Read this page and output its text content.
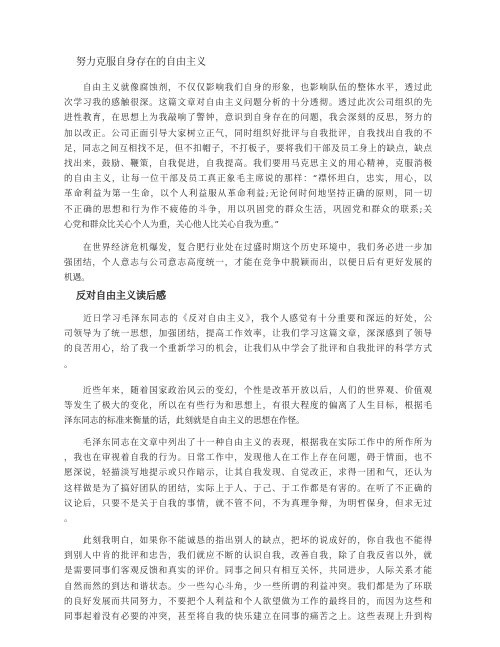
努力克服自身存在的自由主义
　　自由主义就像腐蚀剂，不仅仅影响我们自身的形象，也影响队伍的整体水平，透过此
次学习我的感触很深。这篇文章对自由主义问题分析的十分透彻。透过此次公司组织的先
进性教育，在思想上为我敲响了警钟，意识到自身存在的问题，我会深刻的反思，努力的
加以改正。公司正面引导大家树立正气，同时组织好批评与自我批评，自我找出自我的不
足，同志之间互相找不足，但不扣帽子，不打板子，要将我们干部及员工身上的缺点，缺点
找出来，鼓励、鞭策，自我促进，自我提高。我们要用马克思主义的用心精神，克服消极
的自由主义，让每一位干部及员工真正象毛主席说的那样：“襟怀坦白，忠实，用心，以
革命利益为第一生命，以个人利益服从革命利益;无论何时何地坚持正确的原则，同一切
不正确的思想和行为作不疲倦的斗争，用以巩固党的群众生活，巩固党和群众的联系;关
心党和群众比关心个人为重，关心他人比关心自我为重。”
　　在世界经济危机爆发，复合肥行业处在过盛时期这个历史环境中，我们务必进一步加
强团结，个人意志与公司意志高度统一，才能在竞争中脱颖而出，以便日后有更好发展的
机遇。
反对自由主义读后感
　　近日学习毛泽东同志的《反对自由主义》，我个人感觉有十分重要和深远的好处，公
司领导为了统一思想，加强团结，提高工作效率，让我们学习这篇文章，深深感到了领导
的良苦用心，给了我一个重新学习的机会，让我们从中学会了批评和自我批评的科学方式
。
　　近些年来，随着国家政治风云的变幻，个性是改革开放以后，人们的世界观、价值观
等发生了极大的变化，所以在有些行为和思想上，有很大程度的偏离了人生目标，根据毛
泽东同志的标准来衡量的话，此刻就是自由主义的思想在作怪。
　　毛泽东同志在文章中列出了十一种自由主义的表现，根据我在实际工作中的所作所为
，我也在审视着自我的行为。日常工作中，发现他人在工作上存在问题，碍于情面，也不
愿深说，轻描淡写地提示或只作暗示，让其自我发现、自觉改正，求得一团和气，还认为
这样做是为了搞好团队的团结，实际上于人、于己、于工作都是有害的。在听了不正确的
议论后，只要不是关于自我的事情，就不管不问，不为真理争辩，为明哲保身，但求无过
。
　　此刻我明白，如果你不能诚恳的指出别人的缺点，把坏的说成好的，你自我也不能得
到别人中肯的批评和忠告，我们就应不断的认识自我，改善自我，除了自我反省以外，就
是需要同事们客观反馈和真实的评价。同事之间只有相互关怀，共同进步，人际关系才能
自然而然的到达和谐状态。少一些勾心斗角，少一些所谓的利益冲突。我们都是为了环联
的良好发展而共同努力，不要把个人利益和个人欲望做为工作的最终目的，而因为这些和
同事起着没有必要的冲突，甚至将自我的快乐建立在同事的痛苦之上。这些表现上升到构
